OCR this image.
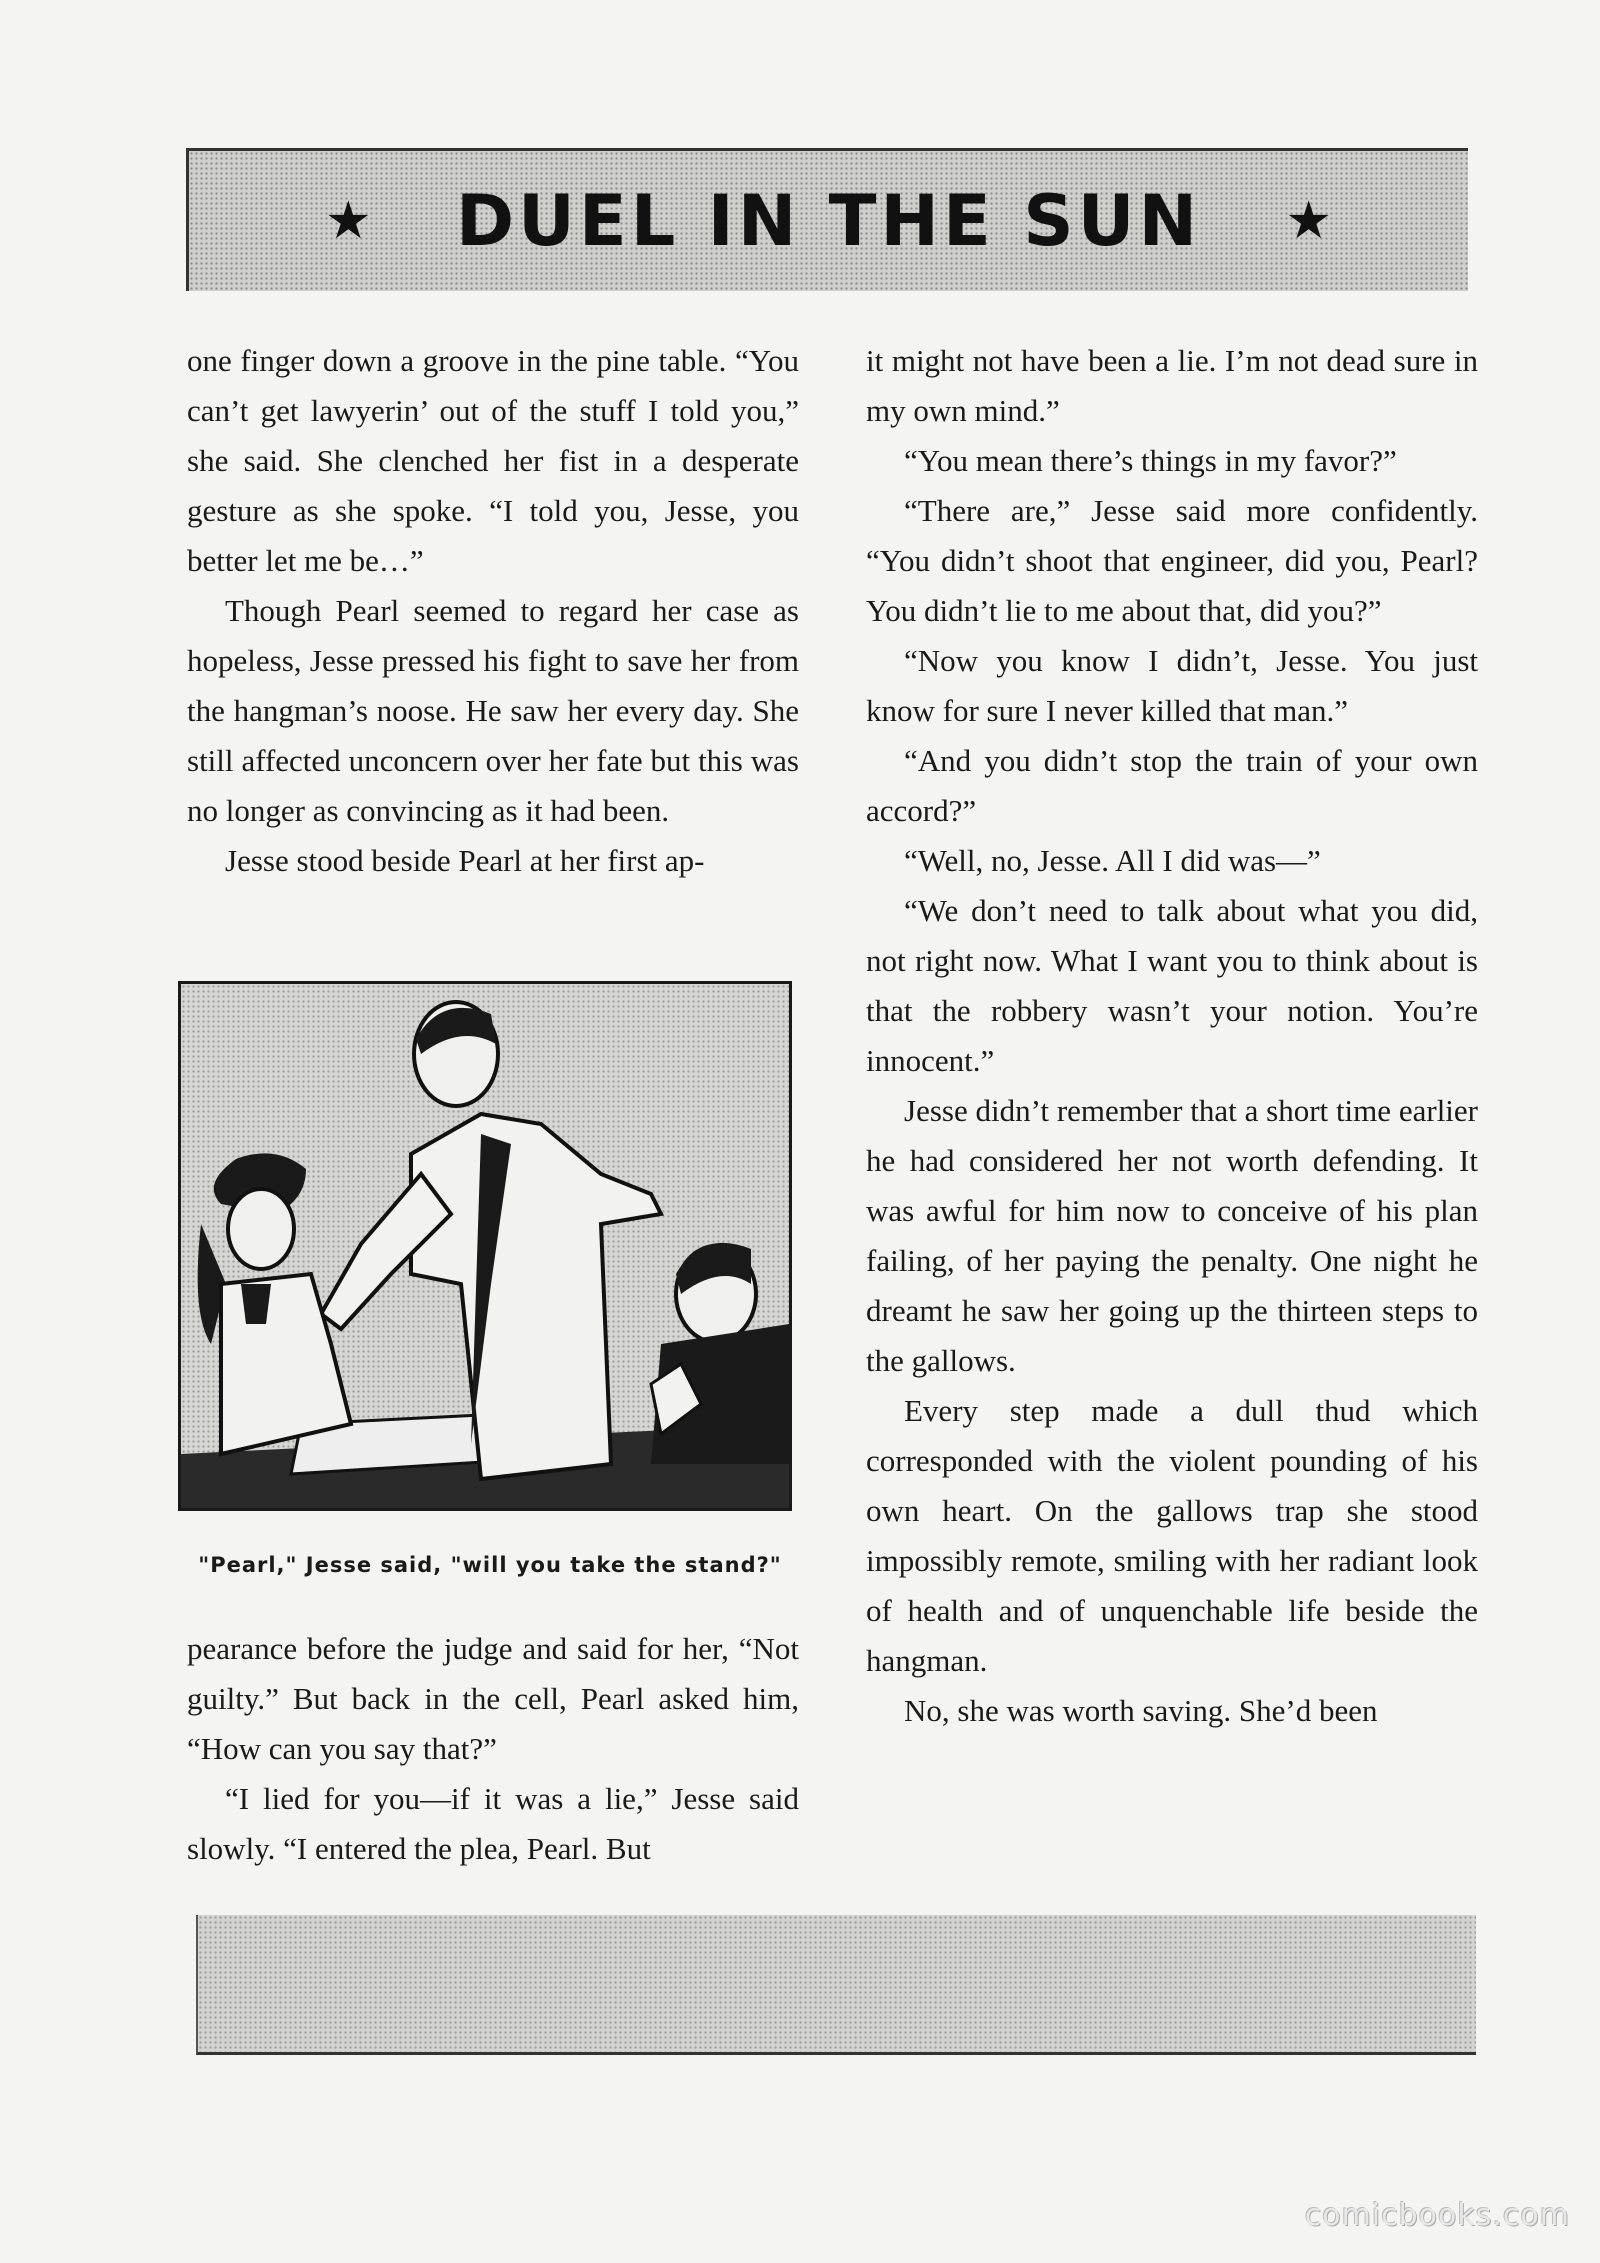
★ DUEL IN THE SUN ★

one finger down a groove in the pine table. “You can’t get lawyerin’ out of the stuff I told you,” she said. She clenched her fist in a desperate gesture as she spoke. “I told you, Jesse, you better let me be…”

Though Pearl seemed to regard her case as hopeless, Jesse pressed his fight to save her from the hangman’s noose. He saw her every day. She still affected unconcern over her fate but this was no longer as convincing as it had been.

Jesse stood beside Pearl at her first ap-

"Pearl," Jesse said, "will you take the stand?"

pearance before the judge and said for her, “Not guilty.” But back in the cell, Pearl asked him, “How can you say that?”

“I lied for you—if it was a lie,” Jesse said slowly. “I entered the plea, Pearl. But

it might not have been a lie. I’m not dead sure in my own mind.”

“You mean there’s things in my favor?”

“There are,” Jesse said more confidently. “You didn’t shoot that engineer, did you, Pearl? You didn’t lie to me about that, did you?”

“Now you know I didn’t, Jesse. You just know for sure I never killed that man.”

“And you didn’t stop the train of your own accord?”

“Well, no, Jesse. All I did was—”

“We don’t need to talk about what you did, not right now. What I want you to think about is that the robbery wasn’t your notion. You’re innocent.”

Jesse didn’t remember that a short time earlier he had considered her not worth defending. It was awful for him now to conceive of his plan failing, of her paying the penalty. One night he dreamt he saw her going up the thirteen steps to the gallows.

Every step made a dull thud which corresponded with the violent pounding of his own heart. On the gallows trap she stood impossibly remote, smiling with her radiant look of health and of unquenchable life beside the hangman.

No, she was worth saving. She’d been

comicbooks.com
